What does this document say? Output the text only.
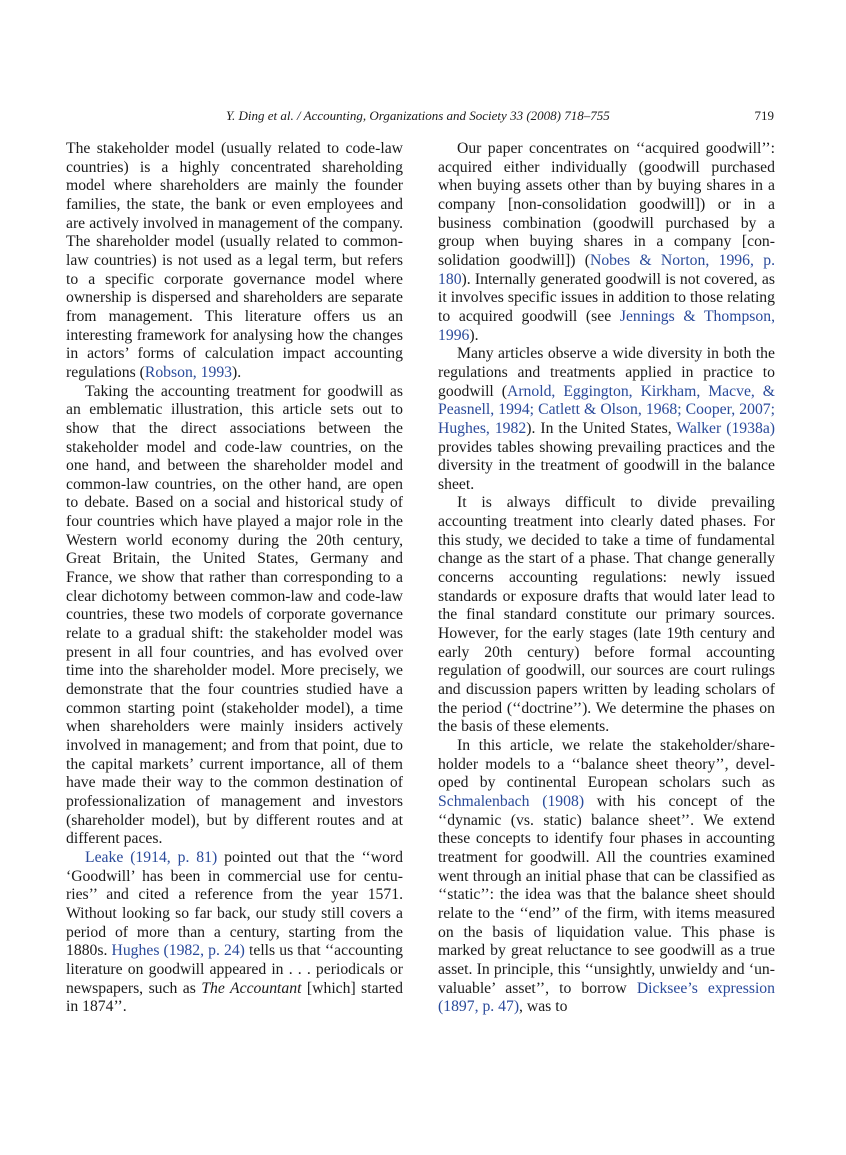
Y. Ding et al. / Accounting, Organizations and Society 33 (2008) 718–755	719

The stakeholder model (usually related to code-law countries) is a highly concentrated shareholding model where shareholders are mainly the founder families, the state, the bank or even employees and are actively involved in management of the company. The shareholder model (usually related to common-law countries) is not used as a legal term, but refers to a specific corporate governance model where ownership is dispersed and shareholders are separate from management. This literature offers us an interesting framework for analysing how the changes in actors’ forms of calculation impact accounting regulations (Robson, 1993).

Taking the accounting treatment for goodwill as an emblematic illustration, this article sets out to show that the direct associations between the stakeholder model and code-law countries, on the one hand, and between the shareholder model and common-law countries, on the other hand, are open to debate. Based on a social and historical study of four countries which have played a major role in the Western world economy during the 20th century, Great Britain, the United States, Germany and France, we show that rather than corresponding to a clear dichotomy between common-law and code-law countries, these two models of corporate governance relate to a gradual shift: the stakeholder model was present in all four countries, and has evolved over time into the shareholder model. More precisely, we demonstrate that the four countries studied have a common starting point (stakeholder model), a time when shareholders were mainly insiders actively involved in management; and from that point, due to the capital markets’ current importance, all of them have made their way to the common destination of professionalization of management and investors (shareholder model), but by different routes and at different paces.

Leake (1914, p. 81) pointed out that the ‘‘word ‘Goodwill’ has been in commercial use for centuries’’ and cited a reference from the year 1571. Without looking so far back, our study still covers a period of more than a century, starting from the 1880s. Hughes (1982, p. 24) tells us that ‘‘accounting literature on goodwill appeared in . . . periodicals or newspapers, such as The Accountant [which] started in 1874’’.

Our paper concentrates on ‘‘acquired goodwill’’: acquired either individually (goodwill purchased when buying assets other than by buying shares in a company [non-consolidation goodwill]) or in a business combination (goodwill purchased by a group when buying shares in a company [consolidation goodwill]) (Nobes & Norton, 1996, p. 180). Internally generated goodwill is not covered, as it involves specific issues in addition to those relating to acquired goodwill (see Jennings & Thompson, 1996).

Many articles observe a wide diversity in both the regulations and treatments applied in practice to goodwill (Arnold, Eggington, Kirkham, Macve, & Peasnell, 1994; Catlett & Olson, 1968; Cooper, 2007; Hughes, 1982). In the United States, Walker (1938a) provides tables showing prevailing practices and the diversity in the treatment of goodwill in the balance sheet.

It is always difficult to divide prevailing accounting treatment into clearly dated phases. For this study, we decided to take a time of fundamental change as the start of a phase. That change generally concerns accounting regulations: newly issued standards or exposure drafts that would later lead to the final standard constitute our primary sources. However, for the early stages (late 19th century and early 20th century) before formal accounting regulation of goodwill, our sources are court rulings and discussion papers written by leading scholars of the period (‘‘doctrine’’). We determine the phases on the basis of these elements.

In this article, we relate the stakeholder/shareholder models to a ‘‘balance sheet theory’’, developed by continental European scholars such as Schmalenbach (1908) with his concept of the ‘‘dynamic (vs. static) balance sheet’’. We extend these concepts to identify four phases in accounting treatment for goodwill. All the countries examined went through an initial phase that can be classified as ‘‘static’’: the idea was that the balance sheet should relate to the ‘‘end’’ of the firm, with items measured on the basis of liquidation value. This phase is marked by great reluctance to see goodwill as a true asset. In principle, this ‘‘unsightly, unwieldy and ‘un-valuable’ asset’’, to borrow Dicksee’s expression (1897, p. 47), was to
